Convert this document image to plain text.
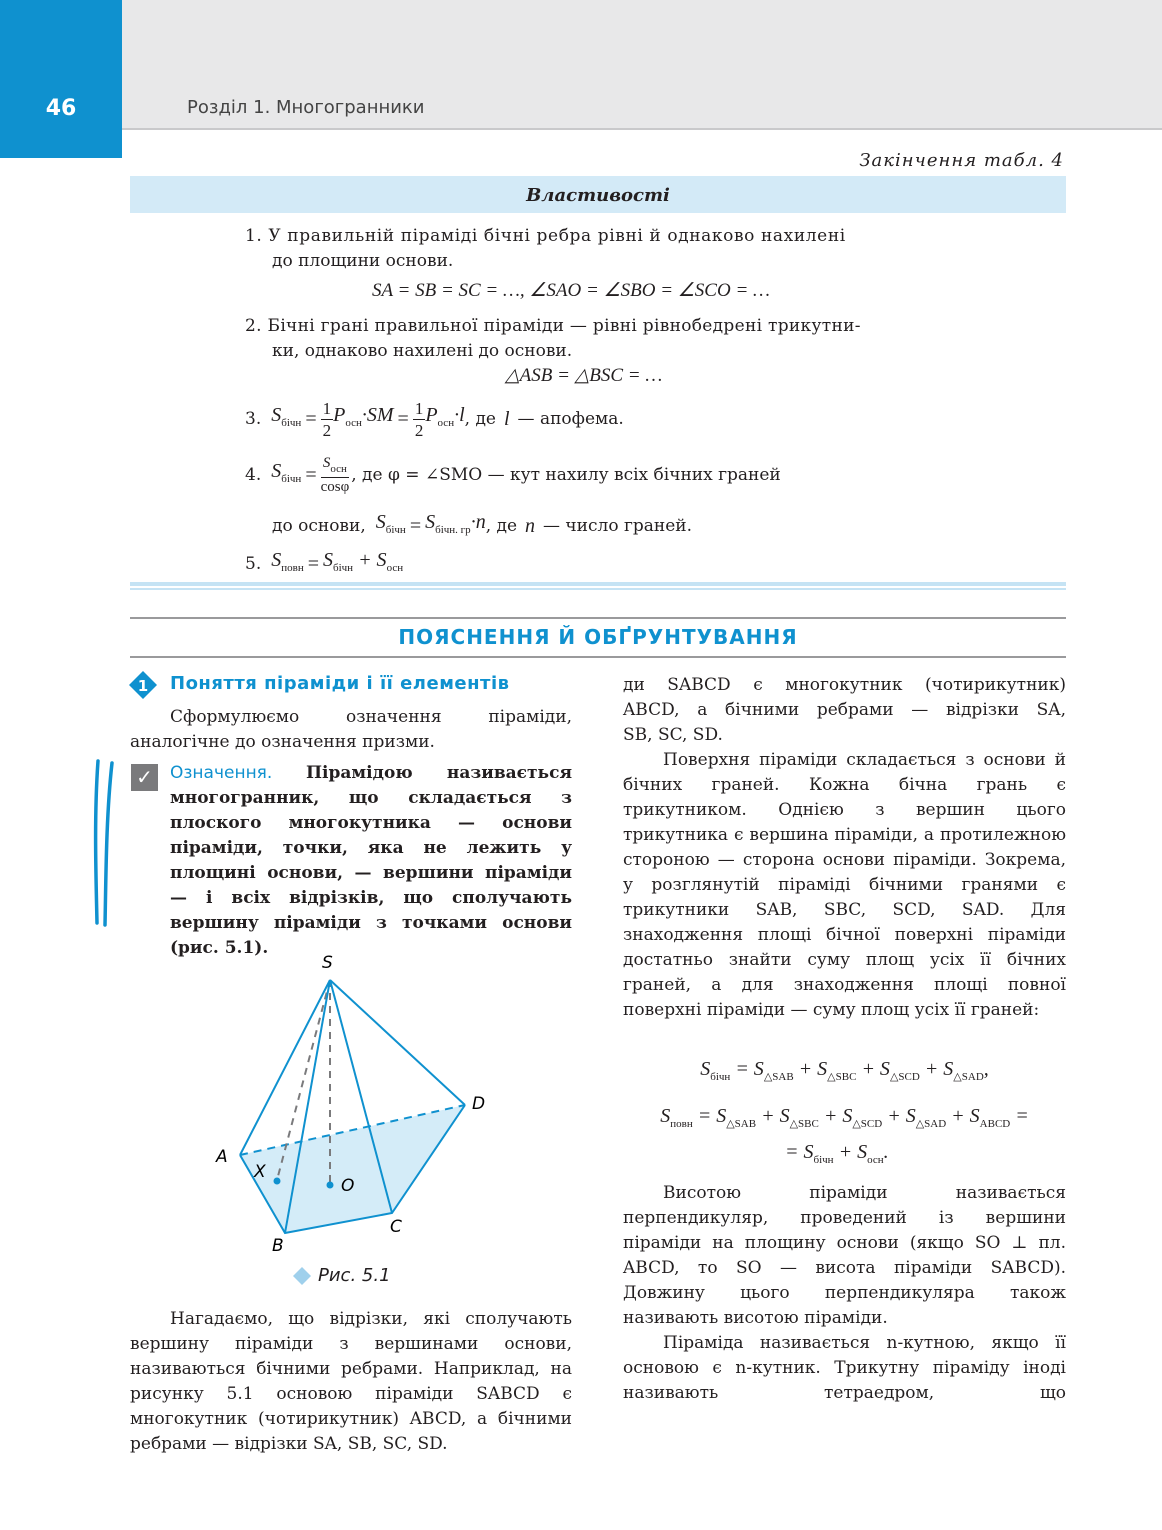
46	Розділ 1. Многогранники
Закінчення табл. 4
Властивості
1. У правильній піраміді бічні ребра рівні й однаково нахилені
до площини основи.
SA = SB = SC = …, ∠SAO = ∠SBO = ∠SCO = …
2. Бічні грані правильної піраміди — рівні рівнобедрені трикутни-
ки, однаково нахилені до основи.
△ASB = △BSC = …
3. $S_{бічн} = \frac{1}{2} P_{осн}\cdot SM = \frac{1}{2} P_{осн}\cdot l$ , де l — апофема.
4. $S_{бічн} = \frac{S_{осн}}{\cos\varphi}$ , де φ = ∠SMO — кут нахилу всіх бічних граней
до основи, $S_{бічн} = S_{бічн. гр}\cdot n$ , де n — число граней.
5. $S_{повн} = S_{бічн} + S_{осн}$
ПОЯСНЕННЯ Й ОБҐРУНТУВАННЯ
1 Поняття піраміди і її елементів
Сформулюємо означення піраміди, аналогічне до означення призми.
✓	Означення. Пірамідою називається многогранник, що складається з плоского многокутника — основи піраміди, точки, яка не лежить у площині основи, — вершини піраміди — і всіх відрізків, що сполучають вершину піраміди з точками основи (рис. 5.1).
S
A
B
C
D
X
O
Рис. 5.1
Нагадаємо, що відрізки, які сполучають вершину піраміди з вершинами основи, називаються бічними ребрами. Наприклад, на рисунку 5.1 основою піраміди SABCD є многокутник (чотирикутник) ABCD, а бічними ребрами — відрізки SA, SB, SC, SD.
ди SABCD є многокутник (чотирикутник)
ABCD, а бічними ребрами — відрізки SA,
SB, SC, SD.
Поверхня піраміди складається з основи й бічних граней. Кожна бічна грань є трикутником. Однією з вершин цього трикутника є вершина піраміди, а протилежною стороною — сторона основи піраміди. Зокрема, у розглянутій піраміді бічними гранями є трикутники SAB, SBC, SCD, SAD. Для знаходження площі бічної поверхні піраміди достатньо знайти суму площ усіх її бічних граней, а для знаходження площі повної поверхні піраміди — суму площ усіх її граней:
$S_{бічн} = S_{\triangle SAB} + S_{\triangle SBC} + S_{\triangle SCD} + S_{\triangle SAD}$,
$S_{повн} = S_{\triangle SAB} + S_{\triangle SBC} + S_{\triangle SCD} + S_{\triangle SAD} + S_{ABCD}$ =
= $S_{бічн} + S_{осн}$.
Висотою піраміди називається перпендикуляр, проведений із вершини піраміди на площину основи (якщо SO ⊥ пл. ABCD, то SO — висота піраміди SABCD). Довжину цього перпендикуляра також називають висотою піраміди.
Піраміда називається n-кутною, якщо її основою є n-кутник. Трикутну піраміду іноді називають тетраедром, що
